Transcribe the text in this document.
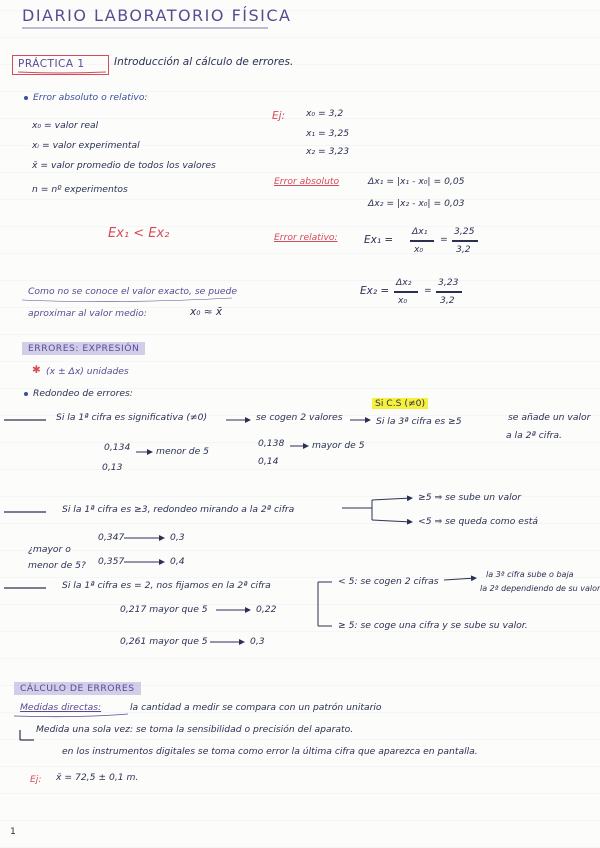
DIARIO LABORATORIO FÍSICA
PRÁCTICA 1	Introducción al cálculo de errores.
Error absoluto o relativo:
x₀ = valor real
xᵢ = valor experimental
x̄ = valor promedio de todos los valores
n = nº experimentos
Ex₁ < Ex₂
Como no se conoce el valor exacto, se puede
aproximar al valor medio:	x₀ ≈ x̄
Ej: x₀ = 3,2
x₁ = 3,25
x₂ = 3,23
Error absoluto	Δx₁ = |x₁ - x₀| = 0,05
Δx₂ = |x₂ - x₀| = 0,03
Error relativo:	Ex₁ =
Δx₁
x₀
=
3,25
3,2
Ex₂ =
Δx₂
x₀
=
3,23
3,2
ERRORES: EXPRESIÓN
✱ (x ± Δx) unidades
Redondeo de errores:
Si la 1ª cifra es significativa (≠0)	se cogen 2 valores
Si C.S (≠0)
Si la 3ª cifra es ≥5	se añade un valor
a la 2ª cifra.
0,134
0,13
menor de 5
0,138
0,14
mayor de 5
Si la 1ª cifra es ≥3, redondeo mirando a la 2ª cifra
≥5 ⇒ se sube un valor
<5 ⇒ se queda como está
¿mayor o
menor de 5?
0,347	0,3
0,357	0,4
Si la 1ª cifra es = 2, nos fijamos en la 2ª cifra	< 5: se cogen 2 cifras
la 3ª cifra sube o baja
la 2ª dependiendo de su valor
≥ 5: se coge una cifra y se sube su valor.
0,217 mayor que 5	0,22
0,261 mayor que 5	0,3
CÁLCULO DE ERRORES
Medidas directas:	la cantidad a medir se compara con un patrón unitario
Medida una sola vez: se toma la sensibilidad o precisión del aparato.
en los instrumentos digitales se toma como error la última cifra que aparezca en pantalla.
Ej: x̄ = 72,5 ± 0,1 m.
1
